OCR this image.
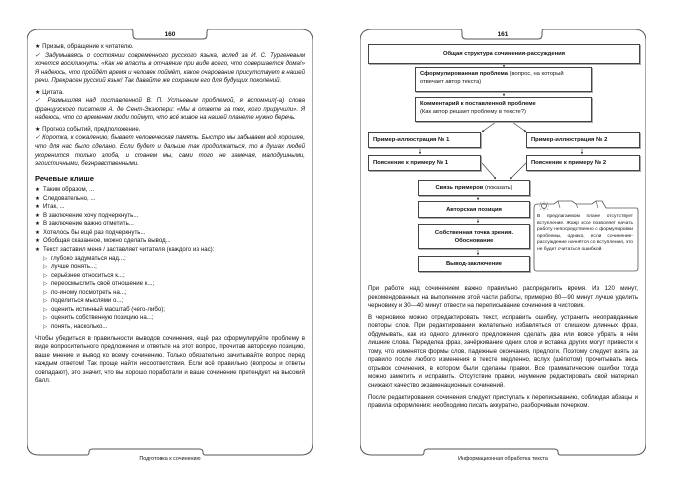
160

★ Призыв, обращение к читателю.

✓ Задумываясь о состоянии современного русского языка, вслед за И. С. Тургеневым хочется воскликнуть: «Как не впасть в отчаяние при виде всего, что совершается дома!» Я надеюсь, что пройдёт время и человек поймёт, какое очарование присутствует в нашей речи. Прекрасен русский язык! Так давайте же сохраним его для будущих поколений.

★ Цитата.

✓ Размышляя над поставленной В. П. Устьевым проблемой, я вспомнил(-а) слова французского писателя А. де Сент-Экзюпери: «Мы в ответе за тех, кого приручили». Я надеюсь, что со временем люди поймут, что всё живое на нашей планете нужно беречь.

★ Прогноз событий, предположение.

✓ Коротка, к сожалению, бывает человеческая память. Быстро мы забываем всё хорошее, что для нас было сделано. Если будет и дальше так продолжаться, то в душах людей укоренится только злоба, и станем мы, сами того не замечая, малодушными, эгоистичными, безнравственными.

Речевые клише
★ Таким образом, ...
★ Следовательно, ...
★ Итак, ...
★ В заключение хочу подчеркнуть...
★ В заключение важно отметить...
★ Хотелось бы ещё раз подчеркнуть...
★ Обобщая сказанное, можно сделать вывод...
★ Текст заставил меня / заставляет читателя (каждого из нас):
▷ глубоко задуматься над...;
▷ лучше понять...;
▷ серьёзнее относиться к...;
▷ переосмыслить своё отношение к...;
▷ по-иному посмотреть на...;
▷ поделиться мыслями о...;
▷ оценить истинный масштаб (чего-либо);
▷ оценить собственную позицию на...;
▷ понять, насколько...

Чтобы убедиться в правильности выводов сочинения, ещё раз сформулируйте проблему в виде вопросительного предложения и ответьте на этот вопрос, прочитав авторскую позицию, ваше мнение и вывод ко всему сочинению. Только обязательно зачитывайте вопрос перед каждым ответом! Так проще найти несоответствия. Если всё правильно (вопросы и ответы совпадают), это значит, что вы хорошо поработали и ваше сочинение претендует на высокий балл.

Подготовка к сочинению
161
Общая структура сочинения-рассуждения
Сформулированная проблема (вопрос, на который отвечает автор текста)
Комментарий к поставленной проблеме
(Как автор решает проблему в тексте?)
Пример-иллюстрация № 1	Пример-иллюстрация № 2
Пояснение к примеру № 1	Пояснение к примеру № 2
Связь примеров (показать)
Авторская позиция
Собственная точка зрения. Обоснование
Вывод-заключение
В предлагаемом плане отсутствует вступление. Жанр эссе позволяет начать работу непосредственно с формулировки проблемы, однако, если сочинение-рассуждение начнётся со вступления, это не будет считаться ошибкой.

При работе над сочинением важно правильно распределить время. Из 120 минут, рекомендованных на выполнение этой части работы, примерно 80—90 минут лучше уделить черновику и 30—40 минут отвести на переписывание сочинения в чистовик.

В черновике можно отредактировать текст, исправить ошибку, устранить неоправданные повторы слов. При редактировании желательно избавляться от слишком длинных фраз, обдумывать, как из одного длинного предложения сделать два или вовсе убрать в нём лишние слова. Переделка фраз, зачёркивание одних слов и вставка других могут привести к тому, что изменятся формы слов, падежные окончания, предлоги. Поэтому следует взять за правило после любого изменения в тексте медленно, вслух (шёпотом) прочитывать весь отрывок сочинения, в котором были сделаны правки. Все грамматические ошибки тогда можно заметить и исправить. Отсутствие правки, неумение редактировать свой материал снижают качество экзаменационных сочинений.

После редактирования сочинения следует приступать к переписыванию, соблюдая абзацы и правила оформления: необходимо писать аккуратно, разборчивым почерком.

Информационная обработка текста
